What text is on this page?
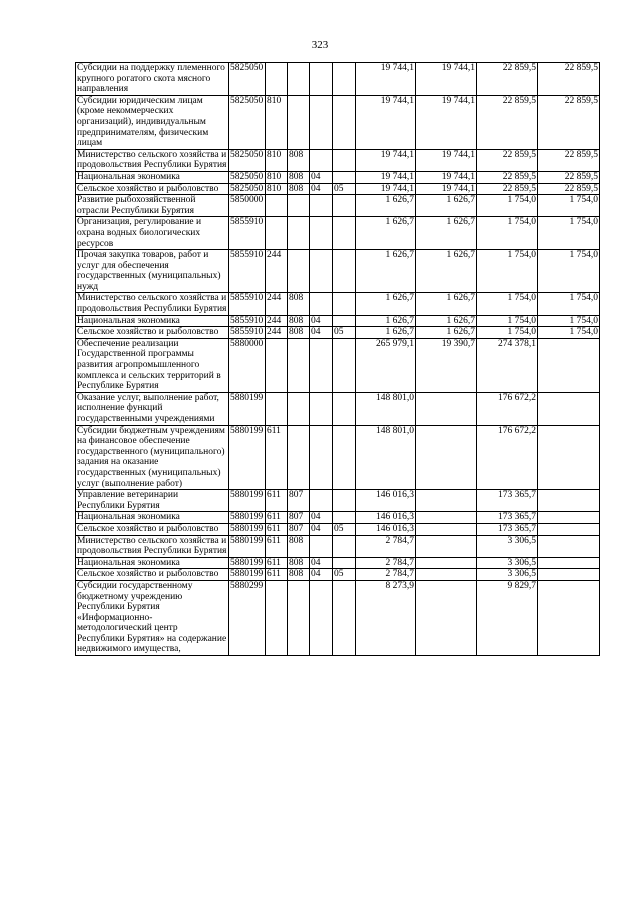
323
Субсидии на поддержку племенного крупного рогатого скота мясного направления	5825050					19 744,1	19 744,1	22 859,5	22 859,5
Субсидии юридическим лицам (кроме некоммерческих организаций), индивидуальным предпринимателям, физическим лицам	5825050	810				19 744,1	19 744,1	22 859,5	22 859,5
Министерство сельского хозяйства и продовольствия Республики Бурятия	5825050	810	808			19 744,1	19 744,1	22 859,5	22 859,5
Национальная экономика	5825050	810	808	04		19 744,1	19 744,1	22 859,5	22 859,5
Сельское хозяйство и рыболовство	5825050	810	808	04	05	19 744,1	19 744,1	22 859,5	22 859,5
Развитие рыбохозяйственной отрасли Республики Бурятия	5850000					1 626,7	1 626,7	1 754,0	1 754,0
Организация, регулирование и охрана водных биологических ресурсов	5855910					1 626,7	1 626,7	1 754,0	1 754,0
Прочая закупка товаров, работ и услуг для обеспечения государственных (муниципальных) нужд	5855910	244				1 626,7	1 626,7	1 754,0	1 754,0
Министерство сельского хозяйства и продовольствия Республики Бурятия	5855910	244	808			1 626,7	1 626,7	1 754,0	1 754,0
Национальная экономика	5855910	244	808	04		1 626,7	1 626,7	1 754,0	1 754,0
Сельское хозяйство и рыболовство	5855910	244	808	04	05	1 626,7	1 626,7	1 754,0	1 754,0
Обеспечение реализации Государственной программы развития агропромышленного комплекса и сельских территорий в Республике Бурятия	5880000					265 979,1	19 390,7	274 378,1	
Оказание услуг, выполнение работ, исполнение функций государственными учреждениями	5880199					148 801,0		176 672,2	
Субсидии бюджетным учреждениям на финансовое обеспечение государственного (муниципального) задания на оказание государственных (муниципальных) услуг (выполнение работ)	5880199	611				148 801,0		176 672,2	
Управление ветеринарии Республики Бурятия	5880199	611	807			146 016,3		173 365,7	
Национальная экономика	5880199	611	807	04		146 016,3		173 365,7	
Сельское хозяйство и рыболовство	5880199	611	807	04	05	146 016,3		173 365,7	
Министерство сельского хозяйства и продовольствия Республики Бурятия	5880199	611	808			2 784,7		3 306,5	
Национальная экономика	5880199	611	808	04		2 784,7		3 306,5	
Сельское хозяйство и рыболовство	5880199	611	808	04	05	2 784,7		3 306,5	
Субсидии государственному бюджетному учреждению Республики Бурятия «Информационно-методологический центр Республики Бурятия» на содержание недвижимого имущества,	5880299					8 273,9		9 829,7	
